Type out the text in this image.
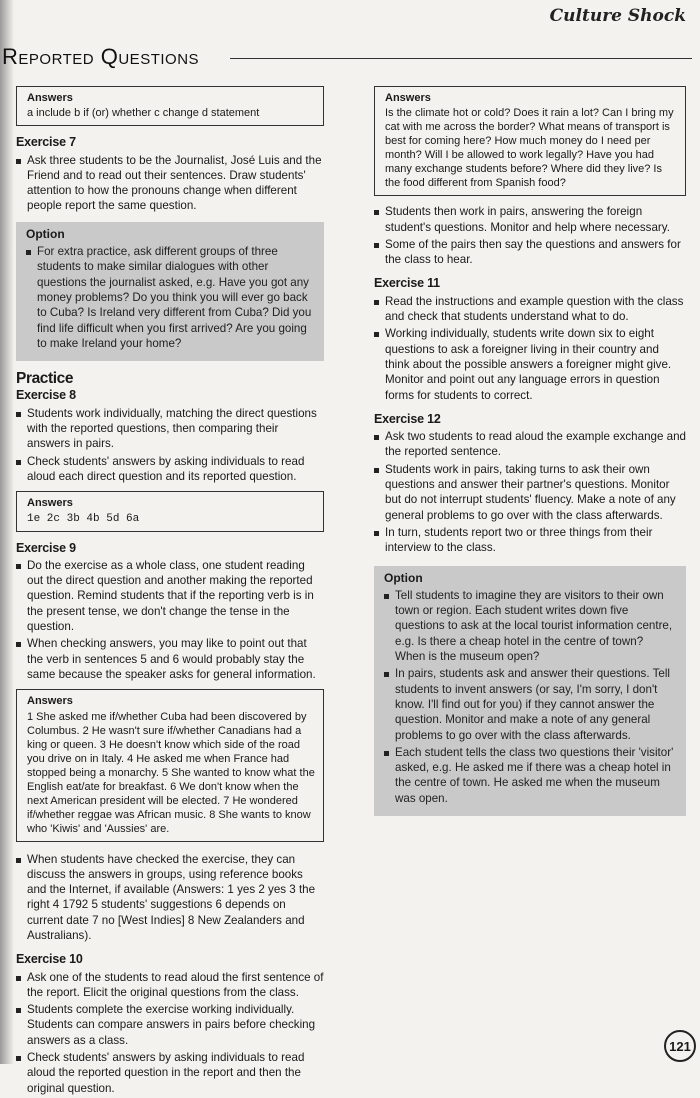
Culture Shock
Reported Questions
Answers
a include b if (or) whether c change d statement
Exercise 7
Ask three students to be the Journalist, José Luis and the Friend and to read out their sentences. Draw students' attention to how the pronouns change when different people report the same question.
Option
For extra practice, ask different groups of three students to make similar dialogues with other questions the journalist asked, e.g. Have you got any money problems? Do you think you will ever go back to Cuba? Is Ireland very different from Cuba? Did you find life difficult when you first arrived? Are you going to make Ireland your home?
Practice
Exercise 8
Students work individually, matching the direct questions with the reported questions, then comparing their answers in pairs.
Check students' answers by asking individuals to read aloud each direct question and its reported question.
Answers
1e 2c 3b 4b 5d 6a
Exercise 9
Do the exercise as a whole class, one student reading out the direct question and another making the reported question. Remind students that if the reporting verb is in the present tense, we don't change the tense in the question.
When checking answers, you may like to point out that the verb in sentences 5 and 6 would probably stay the same because the speaker asks for general information.
Answers
1 She asked me if/whether Cuba had been discovered by Columbus. 2 He wasn't sure if/whether Canadians had a king or queen. 3 He doesn't know which side of the road you drive on in Italy. 4 He asked me when France had stopped being a monarchy. 5 She wanted to know what the English eat/ate for breakfast. 6 We don't know when the next American president will be elected. 7 He wondered if/whether reggae was African music. 8 She wants to know who 'Kiwis' and 'Aussies' are.
When students have checked the exercise, they can discuss the answers in groups, using reference books and the Internet, if available (Answers: 1 yes 2 yes 3 the right 4 1792 5 students' suggestions 6 depends on current date 7 no [West Indies] 8 New Zealanders and Australians).
Exercise 10
Ask one of the students to read aloud the first sentence of the report. Elicit the original questions from the class.
Students complete the exercise working individually. Students can compare answers in pairs before checking answers as a class.
Check students' answers by asking individuals to read aloud the reported question in the report and then the original question.
Answers
Is the climate hot or cold? Does it rain a lot? Can I bring my cat with me across the border? What means of transport is best for coming here? How much money do I need per month? Will I be allowed to work legally? Have you had many exchange students before? Where did they live? Is the food different from Spanish food?
Students then work in pairs, answering the foreign student's questions. Monitor and help where necessary.
Some of the pairs then say the questions and answers for the class to hear.
Exercise 11
Read the instructions and example question with the class and check that students understand what to do.
Working individually, students write down six to eight questions to ask a foreigner living in their country and think about the possible answers a foreigner might give. Monitor and point out any language errors in question forms for students to correct.
Exercise 12
Ask two students to read aloud the example exchange and the reported sentence.
Students work in pairs, taking turns to ask their own questions and answer their partner's questions. Monitor but do not interrupt students' fluency. Make a note of any general problems to go over with the class afterwards.
In turn, students report two or three things from their interview to the class.
Option
Tell students to imagine they are visitors to their own town or region. Each student writes down five questions to ask at the local tourist information centre, e.g. Is there a cheap hotel in the centre of town? When is the museum open?
In pairs, students ask and answer their questions. Tell students to invent answers (or say, I'm sorry, I don't know. I'll find out for you) if they cannot answer the question. Monitor and make a note of any general problems to go over with the class afterwards.
Each student tells the class two questions their 'visitor' asked, e.g. He asked me if there was a cheap hotel in the centre of town. He asked me when the museum was open.
121
